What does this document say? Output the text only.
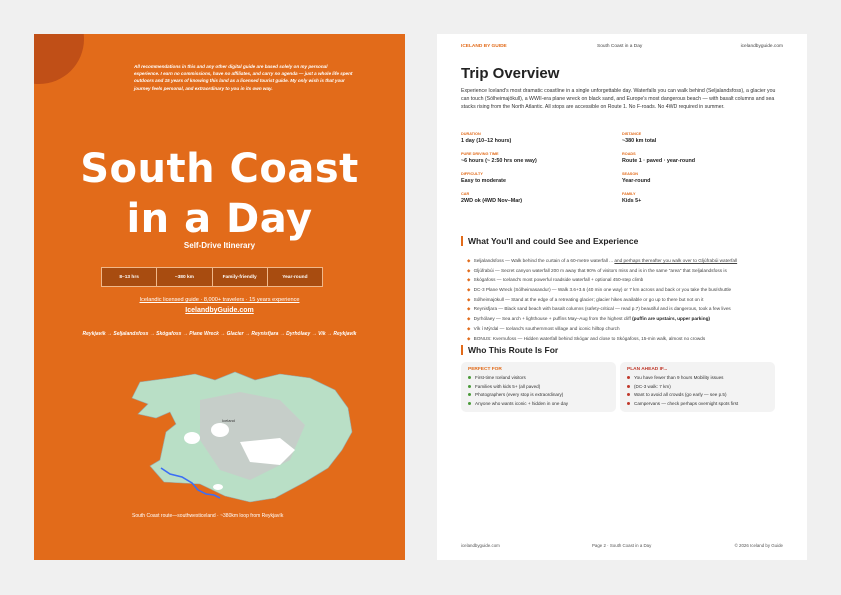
All recommendations in this and any other digital guide are based solely on my personal experience. I earn no commissions, have no affiliates, and carry no agenda — just a whole life spent outdoors and 15 years of knowing this land as a licensed tourist guide. My only wish is that your journey feels personal, and extraordinary to you in its own way.
South Coast
in a Day
Self-Drive Itinerary
8–13 hrs	~380 km	Family-friendly	Year-round
Icelandic licensed guide · 8,000+ travelers · 15 years experience
IcelandbyGuide.com
Reykjavík → Seljalandsfoss → Skógafoss → Plane Wreck → Glacier → Reynisfjara → Dyrhólaey → Vík → Reykjavík
Iceland
South Coast route—southwesticeland · ~380km loop from Reykjavík
ICELAND BY GUIDE	South Coast in a Day	icelandbyguide.com
Trip Overview
Experience Iceland's most dramatic coastline in a single unforgettable day. Waterfalls you can walk behind (Seljalandsfoss), a glacier you can touch (Sólheimajökull), a WWII-era plane wreck on black sand, and Europe's most dangerous beach — with basalt columns and sea stacks rising from the North Atlantic. All stops are accessible on Route 1. No F-roads. No 4WD required in summer.
DURATION
1 day (10–12 hours)
DISTANCE
~380 km total
PURE DRIVING TIME
~6 hours (~ 2:50 hrs one way)
ROADS
Route 1 · paved · year-round
DIFFICULTY
Easy to moderate
SEASON
Year-round
CAR
2WD ok (4WD Nov–Mar)
FAMILY
Kids 5+
What You'll and could See and Experience
◆ Seljalandsfoss — Walk behind the curtain of a 60-metre waterfall ... and perhaps thereafter you walk over to Gljúfrabúi waterfall
◆ Gljúfrabúi — Secret canyon waterfall 200 m away that 90% of visitors miss and is in the same "area" that Seljalandsfoss is
◆ Skógafoss — Iceland's most powerful roadside waterfall + optional 450-step climb
◆ DC-3 Plane Wreck (Sólheimasandur) — Walk 3.6+3.6 (40 min one way) or 7 km across and back or you take the bus/shuttle
◆ Sólheimajökull — Stand at the edge of a retreating glacier; glacier hikes available or go up to there but not on it
◆ Reynisfjara — Black sand beach with basalt columns (safety-critical — read p.7) beautiful and is dangerous, took a few lives
◆ Dyrhólaey — Sea arch + lighthouse + puffins May–Aug from the highest cliff (puffin are upstairs, upper parking)
◆ Vík í Mýrdal — Iceland's southernmost village and iconic hilltop church
◆ BONUS: Kvernufoss — Hidden waterfall behind Skógar and close to Skógafoss, 15-min walk, almost no crowds
Who This Route Is For
PERFECT FOR
First-time Iceland visitors
Families with kids 5+ (all paved)
Photographers (every stop is extraordinary)
Anyone who wants iconic + hidden in one day
PLAN AHEAD IF...
You have fewer than 9 hours Mobility issues
(DC-3 walk: 7 km)
Want to avoid all crowds (go early — see p.5)
Campervans — check perhaps overnight spots first
icelandbyguide.com	Page 2 · South Coast in a Day	© 2026 Iceland by Guide
